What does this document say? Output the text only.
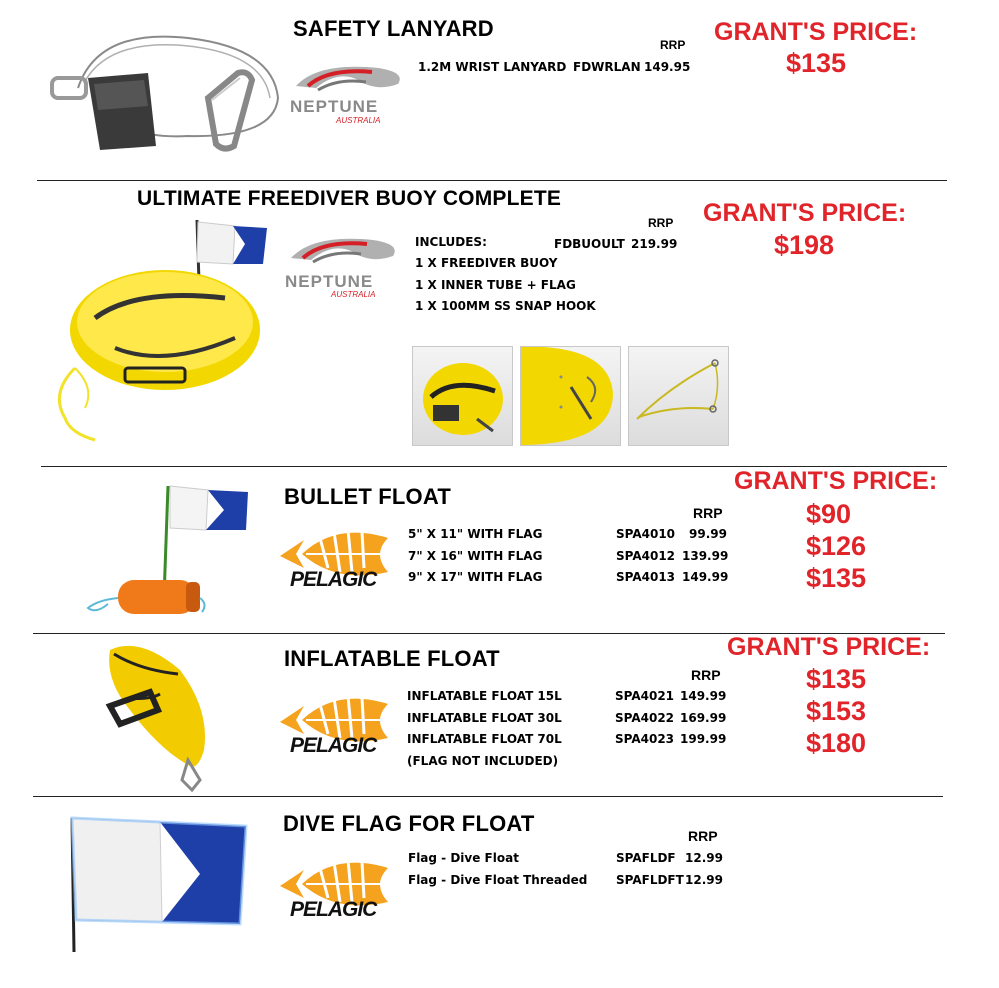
SAFETY LANYARD
NEPTUNE
AUSTRALIA
RRP
1.2M WRIST LANYARD FDWRLAN 149.95
GRANT'S PRICE:
$135
ULTIMATE FREEDIVER BUOY COMPLETE
NEPTUNE
AUSTRALIA
INCLUDES:
1 X FREEDIVER BUOY
1 X INNER TUBE + FLAG
1 X 100MM SS SNAP HOOK
RRP
FDBUOULT 219.99
GRANT'S PRICE:
$198
BULLET FLOAT
PELAGIC
RRP
5" X 11" WITH FLAG	SPA4010 99.99
7" X 16" WITH FLAG	SPA4012 139.99
9" X 17" WITH FLAG	SPA4013 149.99
GRANT'S PRICE:
$90
$126
$135
INFLATABLE FLOAT
PELAGIC
RRP
INFLATABLE FLOAT 15L	SPA4021 149.99
INFLATABLE FLOAT 30L	SPA4022 169.99
INFLATABLE FLOAT 70L	SPA4023 199.99
(FLAG NOT INCLUDED)
GRANT'S PRICE:
$135
$153
$180
DIVE FLAG FOR FLOAT
PELAGIC
RRP
Flag - Dive Float	SPAFLDF 12.99
Flag - Dive Float Threaded SPAFLDFT 12.99
